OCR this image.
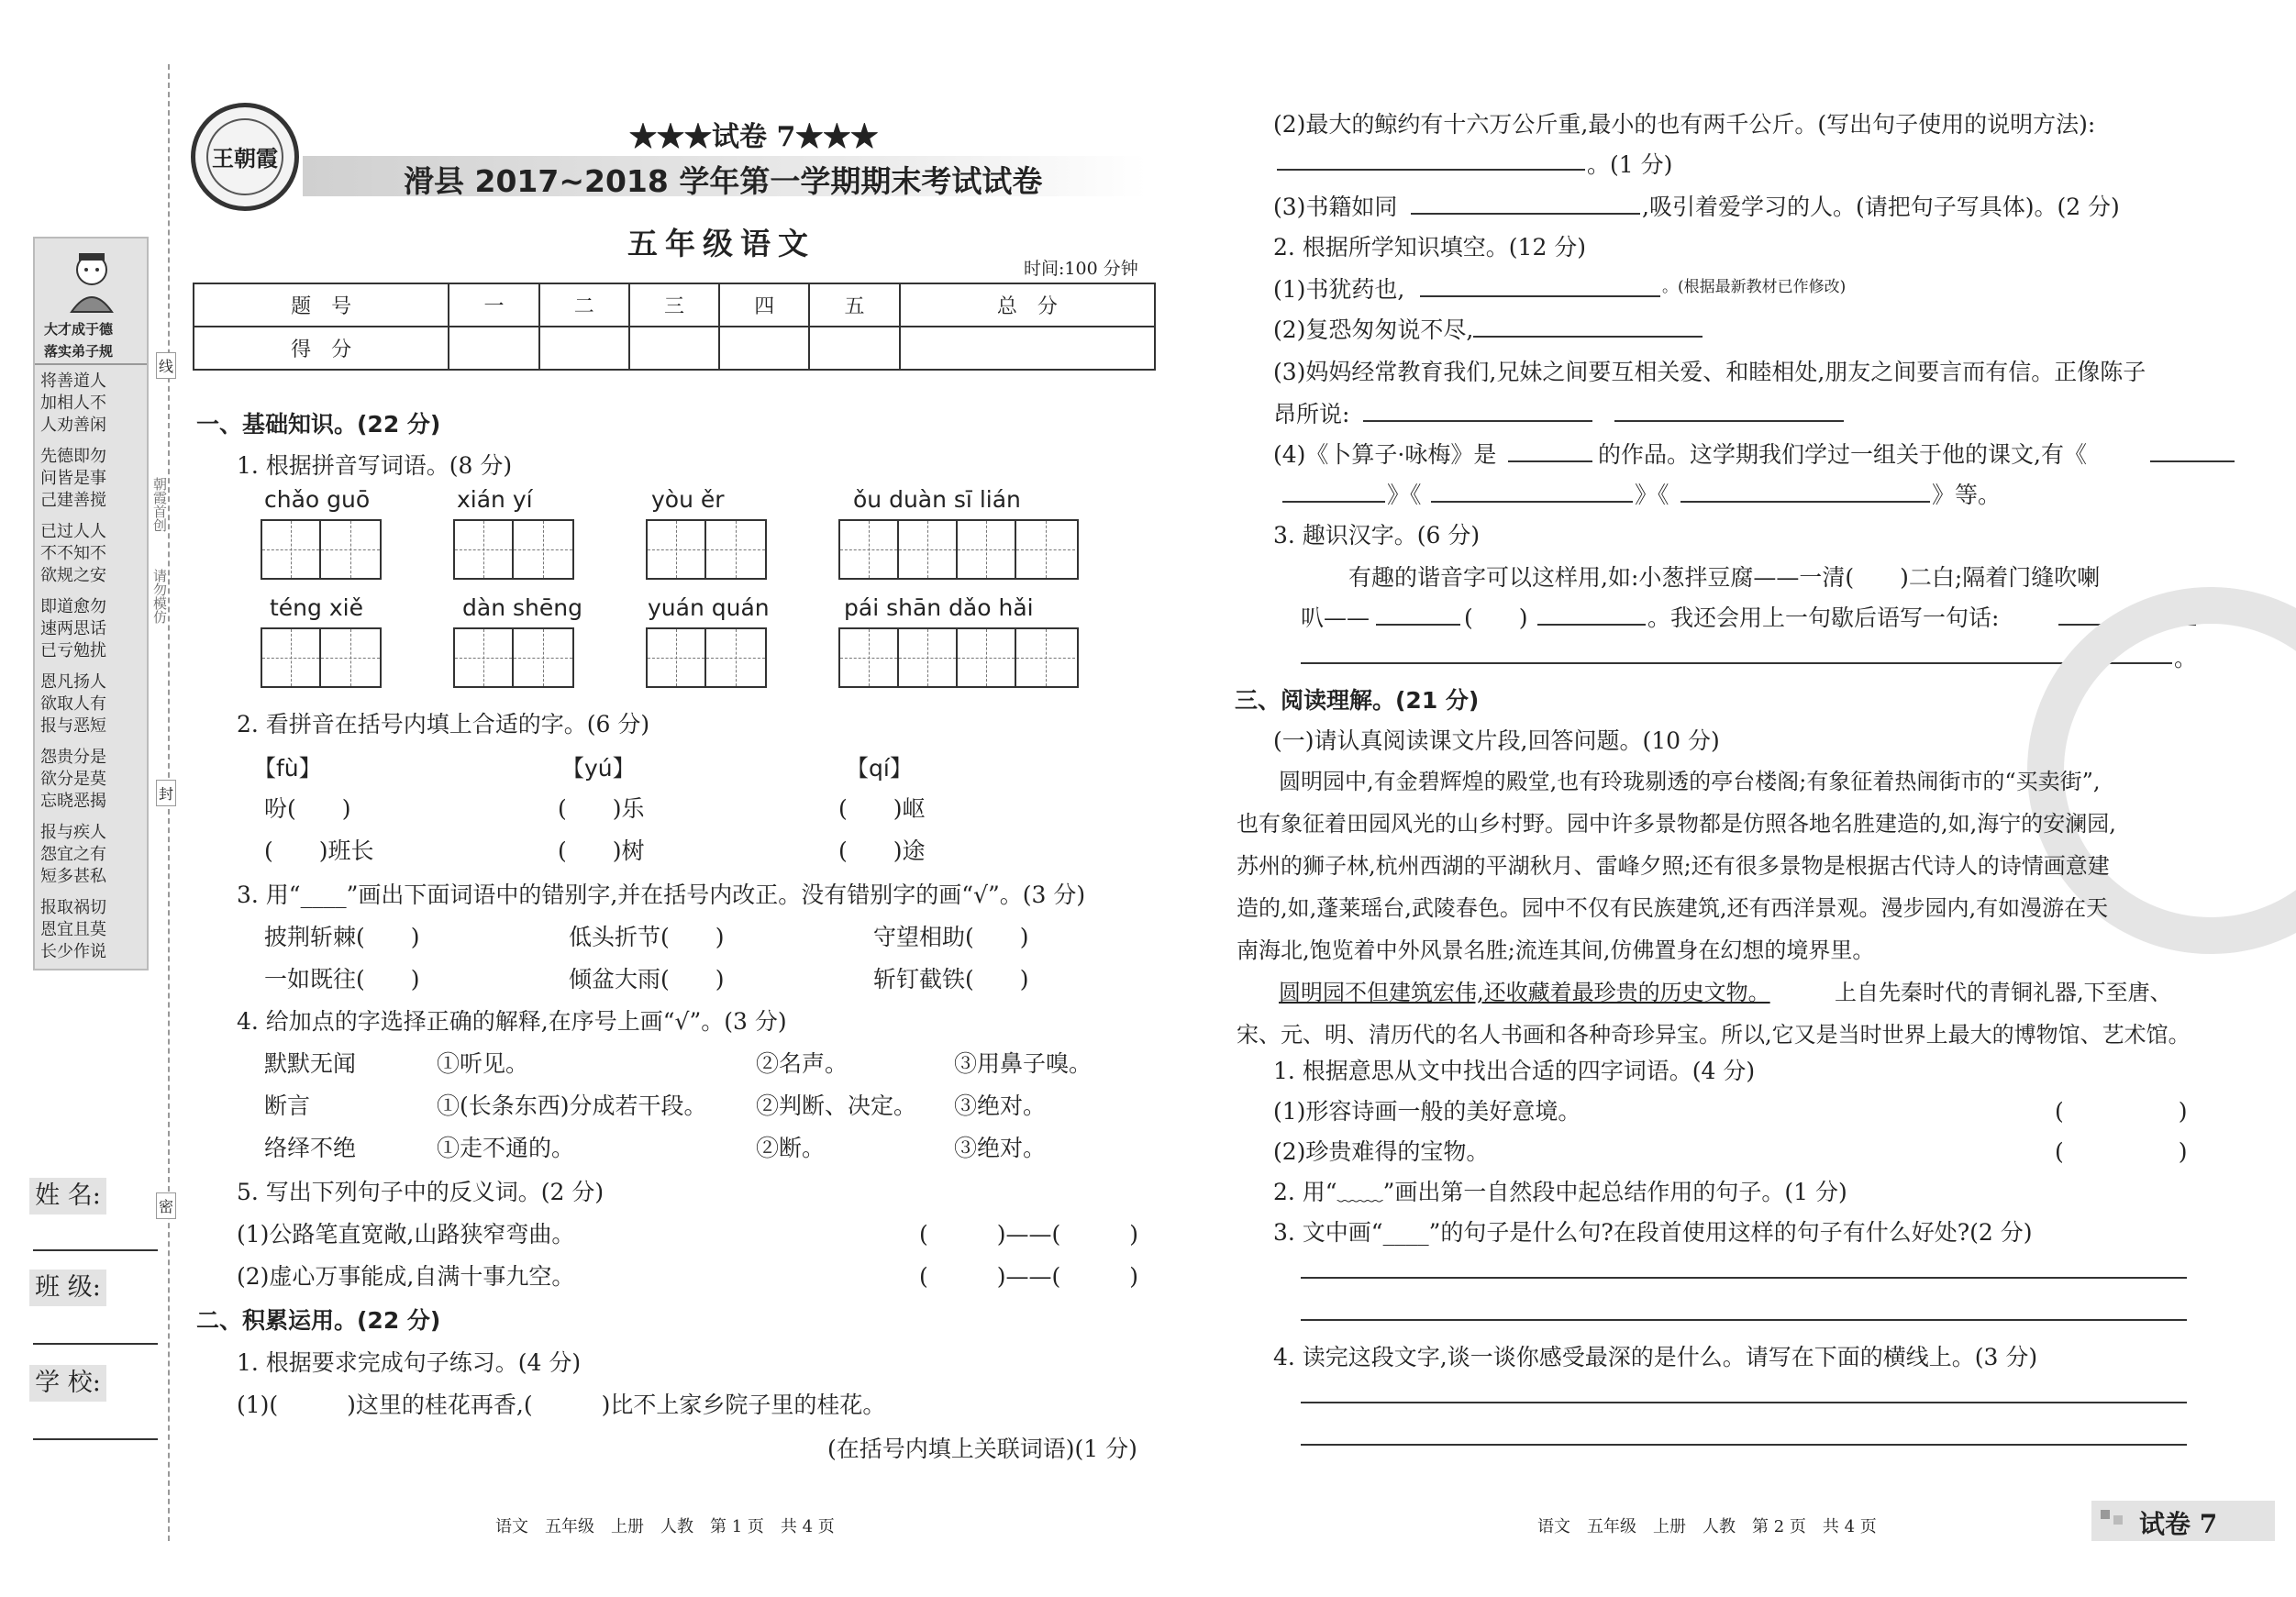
大才成于德
落实弟子规
将善道人
加相人不
人劝善闲
先德即勿
问皆是事
己建善搅
已过人人
不不知不
欲规之安
即道愈勿
速两思话
已亏勉扰
恩凡扬人
欲取人有
报与恶短
怨贵分是
欲分是莫
忘晓恶揭
报与疾人
怨宜之有
短多甚私
报取祸切
恩宜且莫
长少作说
朝霞首创
请勿模仿
线
封
密
姓 名:
班 级:
学 校:
王朝霞
★★★试卷 7★★★
滑县 2017~2018 学年第一学期期末考试试卷
五年级语文
时间:100 分钟
题　号	一	二	三	四	五	总　分
得　分						
一、基础知识。(22 分)
1. 根据拼音写词语。(8 分)
chǎo guō	xián yí	yòu ěr	ǒu duàn sī lián
téng xiě	dàn shēng	yuán quán	pái shān dǎo hǎi
2. 看拼音在括号内填上合适的字。(6 分)
【fù】	【yú】	【qí】
吩(　　)	(　　)乐	(　　)岖
(　　)班长	(　　)树	(　　)途
3. 用“____”画出下面词语中的错别字,并在括号内改正。没有错别字的画“√”。(3 分)
披荆斩棘(　　)	低头折节(　　)	守望相助(　　)
一如既往(　　)	倾盆大雨(　　)	斩钉截铁(　　)
4. 给加点的字选择正确的解释,在序号上画“√”。(3 分)
默默无闻	①听见。	②名声。	③用鼻子嗅。
断言	①(长条东西)分成若干段。 ②判断、决定。 ③绝对。
络绎不绝	①走不通的。	②断。	③绝对。
5. 写出下列句子中的反义词。(2 分)
(1)公路笔直宽敞,山路狭窄弯曲。	(　　　)——(　　　)
(2)虚心万事能成,自满十事九空。	(　　　)——(　　　)
二、积累运用。(22 分)
1. 根据要求完成句子练习。(4 分)
(1)(　　　)这里的桂花再香,(　　　)比不上家乡院子里的桂花。
(在括号内填上关联词语)(1 分)
(2)最大的鲸约有十六万公斤重,最小的也有两千公斤。(写出句子使用的说明方法):
。(1 分)
(3)书籍如同	,吸引着爱学习的人。(请把句子写具体)。(2 分)
2. 根据所学知识填空。(12 分)
(1)书犹药也,	。(根据最新教材已作修改)
(2)复恐匆匆说不尽,
(3)妈妈经常教育我们,兄妹之间要互相关爱、和睦相处,朋友之间要言而有信。正像陈子
昂所说:
(4)《卜算子·咏梅》是	的作品。这学期我们学过一组关于他的课文,有《
》《	》《	》等。
3. 趣识汉字。(6 分)
有趣的谐音字可以这样用,如:小葱拌豆腐——一清(　　)二白;隔着门缝吹喇
叭——	(　　)	。我还会用上一句歇后语写一句话:
。
三、阅读理解。(21 分)
(一)请认真阅读课文片段,回答问题。(10 分)
圆明园中,有金碧辉煌的殿堂,也有玲珑剔透的亭台楼阁;有象征着热闹街市的“买卖街”,
也有象征着田园风光的山乡村野。园中许多景物都是仿照各地名胜建造的,如,海宁的安澜园,
苏州的狮子林,杭州西湖的平湖秋月、雷峰夕照;还有很多景物是根据古代诗人的诗情画意建
造的,如,蓬莱瑶台,武陵春色。园中不仅有民族建筑,还有西洋景观。漫步园内,有如漫游在天
南海北,饱览着中外风景名胜;流连其间,仿佛置身在幻想的境界里。
圆明园不但建筑宏伟,还收藏着最珍贵的历史文物。	上自先秦时代的青铜礼器,下至唐、
宋、元、明、清历代的名人书画和各种奇珍异宝。所以,它又是当时世界上最大的博物馆、艺术馆。
1. 根据意思从文中找出合适的四字词语。(4 分)
(1)形容诗画一般的美好意境。	(　　　　　)
(2)珍贵难得的宝物。	(　　　　　)
2. 用“﹏﹏”画出第一自然段中起总结作用的句子。(1 分)
3. 文中画“____”的句子是什么句?在段首使用这样的句子有什么好处?(2 分)
4. 读完这段文字,谈一谈你感受最深的是什么。请写在下面的横线上。(3 分)
语文　五年级　上册　人教　第 1 页　共 4 页	语文　五年级　上册　人教　第 2 页　共 4 页	试卷 7
